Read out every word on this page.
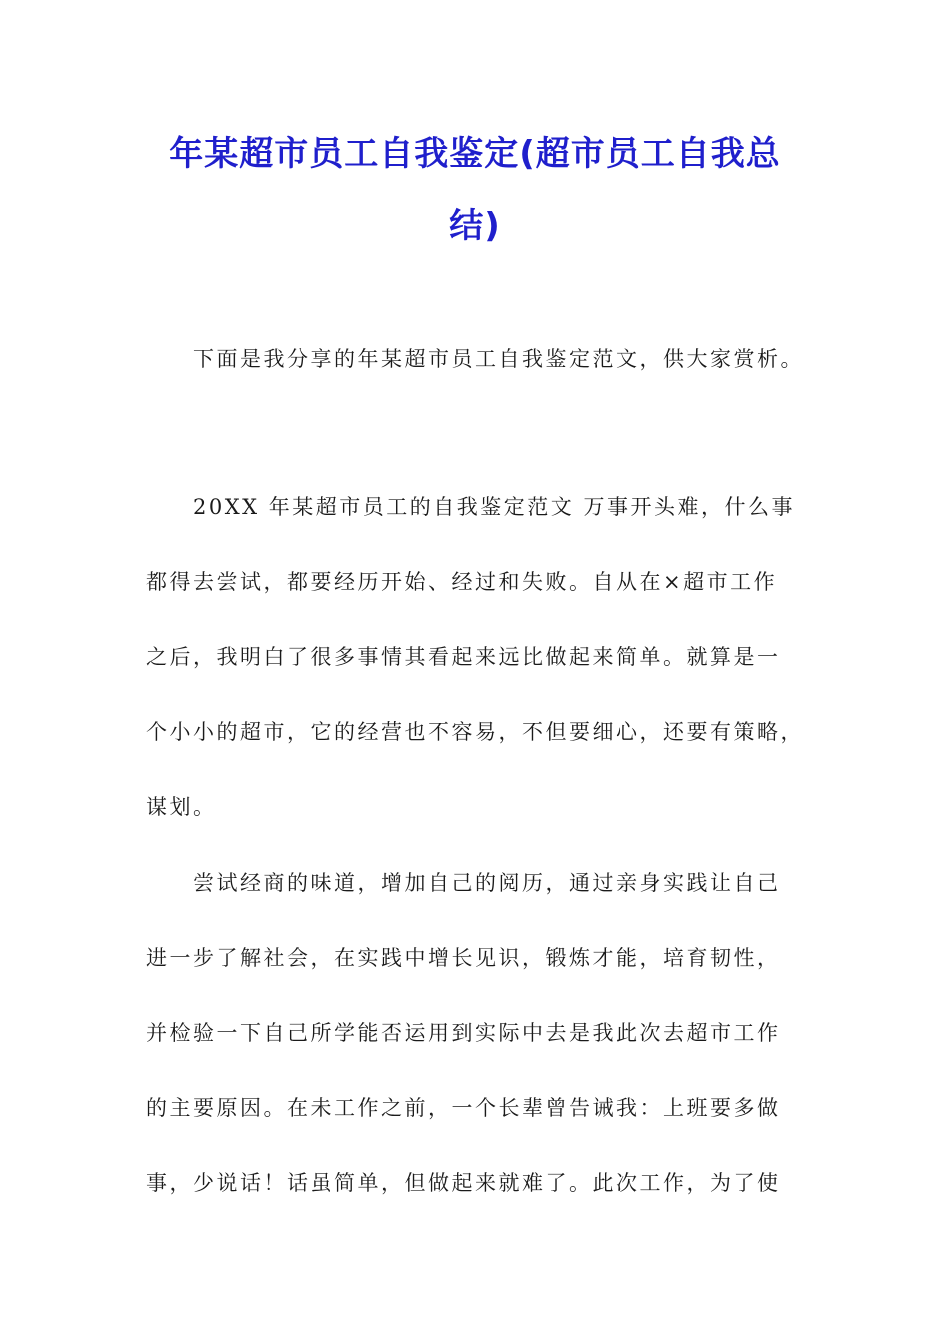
年某超市员工自我鉴定(超市员工自我总
结)
下面是我分享的年某超市员工自我鉴定范文，供大家赏析。
20XX 年某超市员工的自我鉴定范文 万事开头难，什么事
都得去尝试，都要经历开始、经过和失败。自从在×超市工作
之后，我明白了很多事情其看起来远比做起来简单。就算是一
个小小的超市，它的经营也不容易，不但要细心，还要有策略，
谋划。
尝试经商的味道，增加自己的阅历，通过亲身实践让自己
进一步了解社会，在实践中增长见识，锻炼才能，培育韧性，
并检验一下自己所学能否运用到实际中去是我此次去超市工作
的主要原因。在未工作之前，一个长辈曾告诫我：上班要多做
事，少说话！话虽简单，但做起来就难了。此次工作，为了使
